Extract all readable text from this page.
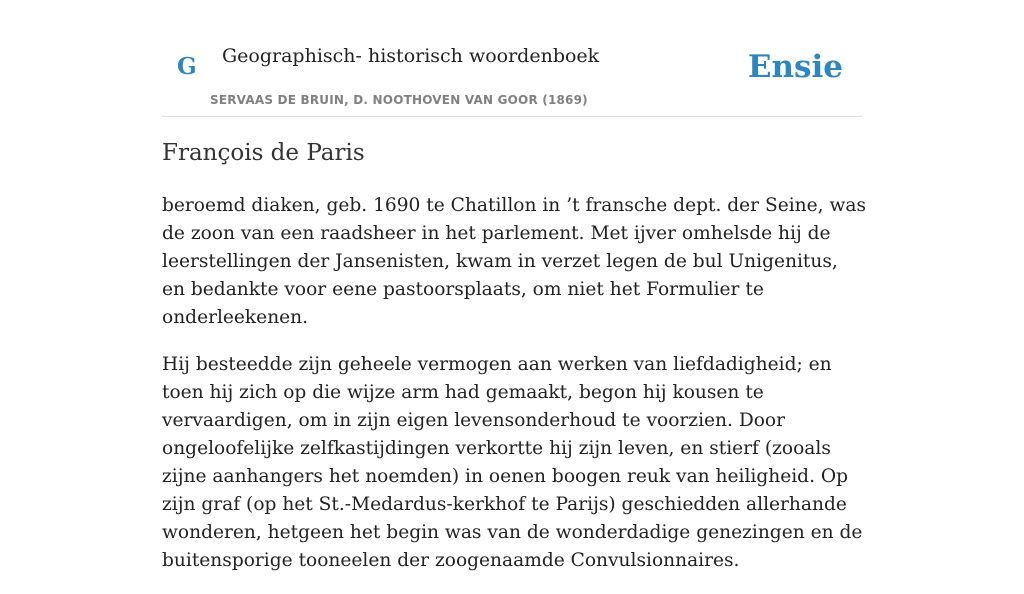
G Geographisch- historisch woordenboek
SERVAAS DE BRUIN, D. NOOTHOVEN VAN GOOR (1869)
Ensie
François de Paris

beroemd diaken, geb. 1690 te Chatillon in ’t fransche dept. der Seine, was de zoon van een raadsheer in het parlement. Met ijver omhelsde hij de leerstellingen der Jansenisten, kwam in verzet legen de bul Unigenitus, en bedankte voor eene pastoorsplaats, om niet het Formulier te onderleekenen.

Hij besteedde zijn geheele vermogen aan werken van liefdadigheid; en toen hij zich op die wijze arm had gemaakt, begon hij kousen te vervaardigen, om in zijn eigen levensonderhoud te voorzien. Door ongeloofelijke zelfkastijdingen verkortte hij zijn leven, en stierf (zooals zijne aanhangers het noemden) in oenen boogen reuk van heiligheid. Op zijn graf (op het St.-Medardus-kerkhof te Parijs) geschiedden allerhande wonderen, hetgeen het begin was van de wonderdadige genezingen en de buitensporige tooneelen der zoogenaamde Convulsionnaires.
